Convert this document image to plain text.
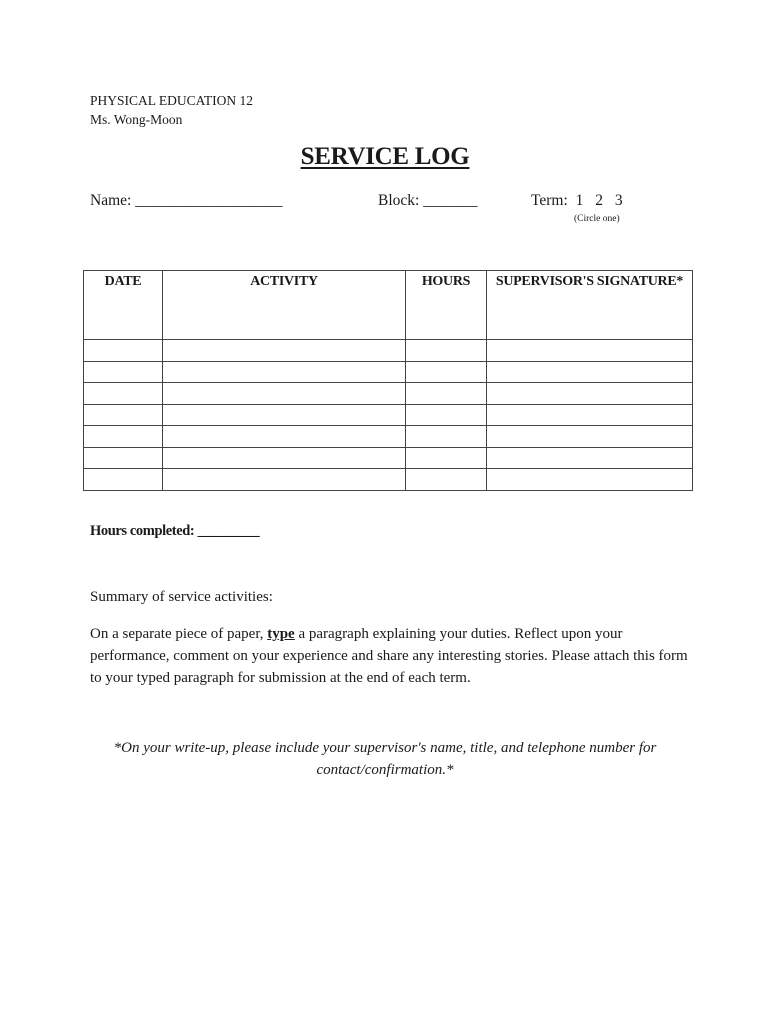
PHYSICAL EDUCATION 12
Ms. Wong-Moon
SERVICE LOG
Name: ___________________	Block: _______	Term: 1 2 3
(Circle one)
DATE	ACTIVITY	HOURS	SUPERVISOR'S SIGNATURE*

Hours completed: _________
Summary of service activities:
On a separate piece of paper, type a paragraph explaining your duties. Reflect upon your performance, comment on your experience and share any interesting stories. Please attach this form to your typed paragraph for submission at the end of each term.
*On your write-up, please include your supervisor's name, title, and telephone number for contact/confirmation.*
